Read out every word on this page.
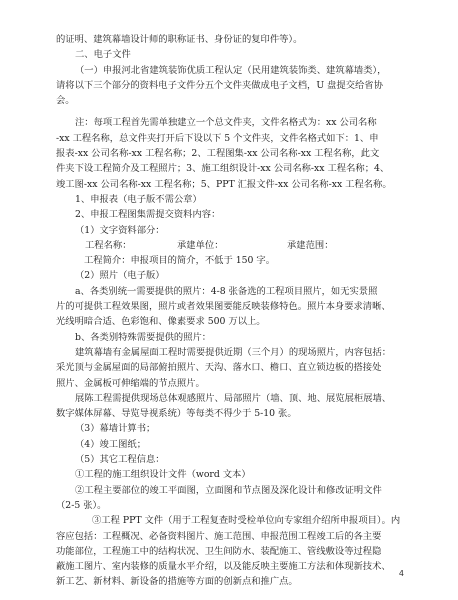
的证明、建筑幕墙设计师的职称证书、身份证的复印件等）。
二、电子文件
（一）申报河北省建筑装饰优质工程认定（民用建筑装饰类、建筑幕墙类），
请将以下三个部分的资料电子文件分五个文件夹做成电子文档，U 盘提交给省协
会。
注：每项工程首先需单独建立一个总文件夹，文件名格式为：xx 公司名称
-xx 工程名称，总文件夹打开后下设以下 5 个文件夹，文件名格式如下：1、申
报表-xx 公司名称-xx 工程名称；2、工程图集-xx 公司名称-xx 工程名称，此文
件夹下设工程简介及工程照片；3、施工组织设计-xx 公司名称-xx 工程名称；4、
竣工图-xx 公司名称-xx 工程名称；5、PPT 汇报文件-xx 公司名称-xx 工程名称。
1、申报表（电子版不需公章）
2、申报工程图集需提交资料内容：
（1）文字资料部分：
工程名称：	承建单位：	承建范围：
工程简介：申报项目的简介，不低于 150 字。
（2）照片（电子版）
a、各类别统一需要提供的照片：4-8 张备选的工程项目照片，如无实景照
片的可提供工程效果图，照片或者效果图要能反映装修特色。照片本身要求清晰、
光线明暗合适、色彩饱和、像素要求 500 万以上。
b、各类别特殊需要提供的照片：
建筑幕墙有金属屋面工程时需要提供近期（三个月）的现场照片，内容包括：
采光顶与金属屋面的局部俯拍照片、天沟、落水口、檐口、直立锁边板的搭接处
照片、金属板可伸缩端的节点照片。
展陈工程需提供现场总体观感照片、局部照片（墙、顶、地、展览展柜展墙、
数字媒体屏幕、导览导视系统）等每类不得少于 5-10 张。
（3）幕墙计算书；
（4）竣工图纸；
（5）其它工程信息：
①工程的施工组织设计文件（word 文本）
②工程主要部位的竣工平面图，立面图和节点图及深化设计和修改证明文件
（2-5 张）。
③工程 PPT 文件（用于工程复查时受检单位向专家组介绍所申报项目）。内
容应包括：工程概况、必备资料图片、施工范围、申报范围工程竣工后的各主要
功能部位，工程施工中的结构状况、卫生间防水、装配施工、管线敷设等过程隐
蔽施工图片、室内装修的质量水平介绍，以及能反映主要施工方法和体现新技术、
新工艺、新材料、新设备的措施等方面的创新点和推广点。
4
